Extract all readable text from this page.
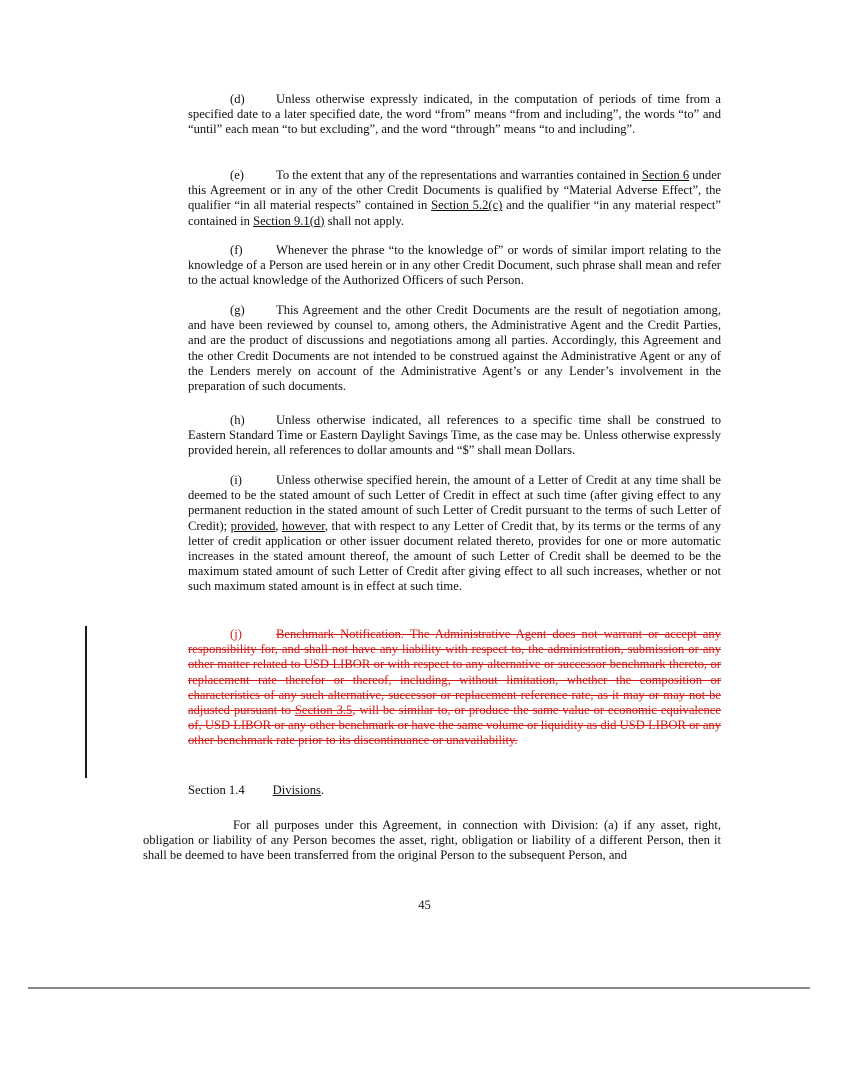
(d) Unless otherwise expressly indicated, in the computation of periods of time from a specified date to a later specified date, the word “from” means “from and including”, the words “to” and “until” each mean “to but excluding”, and the word “through” means “to and including”.

(e)	To the extent that any of the representations and warranties contained in Section 6 under this Agreement or in any of the other Credit Documents is qualified by “Material Adverse Effect”, the qualifier “in all material respects” contained in Section 5.2(c) and the qualifier “in any material respect” contained in Section 9.1(d) shall not apply.

(f)	Whenever the phrase “to the knowledge of” or words of similar import relating to the knowledge of a Person are used herein or in any other Credit Document, such phrase shall mean and refer to the actual knowledge of the Authorized Officers of such Person.

(g) This Agreement and the other Credit Documents are the result of negotiation among, and have been reviewed by counsel to, among others, the Administrative Agent and the Credit Parties, and are the product of discussions and negotiations among all parties. Accordingly, this Agreement and the other Credit Documents are not intended to be construed against the Administrative Agent or any of the Lenders merely on account of the Administrative Agent’s or any Lender’s involvement in the preparation of such documents.

(h) Unless otherwise indicated, all references to a specific time shall be construed to Eastern Standard Time or Eastern Daylight Savings Time, as the case may be. Unless otherwise expressly provided herein, all references to dollar amounts and “$” shall mean Dollars.

(i)	Unless otherwise specified herein, the amount of a Letter of Credit at any time shall be deemed to be the stated amount of such Letter of Credit in effect at such time (after giving effect to any permanent reduction in the stated amount of such Letter of Credit pursuant to the terms of such Letter of Credit); provided, however, that with respect to any Letter of Credit that, by its terms or the terms of any letter of credit application or other issuer document related thereto, provides for one or more automatic increases in the stated amount thereof, the amount of such Letter of Credit shall be deemed to be the maximum stated amount of such Letter of Credit after giving effect to all such increases, whether or not such maximum stated amount is in effect at such time.

(j)	Benchmark Notification. The Administrative Agent does not warrant or accept any responsibility for, and shall not have any liability with respect to, the administration, submission or any other matter related to USD LIBOR or with respect to any alternative or successor benchmark thereto, or replacement rate therefor or thereof, including, without limitation, whether the composition or characteristics of any such alternative, successor or replacement reference rate, as it may or may not be adjusted pursuant to Section 3.5, will be similar to, or produce the same value or economic equivalence of, USD LIBOR or any other benchmark or have the same volume or liquidity as did USD LIBOR or any other benchmark rate prior to its discontinuance or unavailability.

Section 1.4 Divisions.

For all purposes under this Agreement, in connection with Division: (a) if any asset, right, obligation or liability of any Person becomes the asset, right, obligation or liability of a different Person, then it shall be deemed to have been transferred from the original Person to the subsequent Person, and

45
